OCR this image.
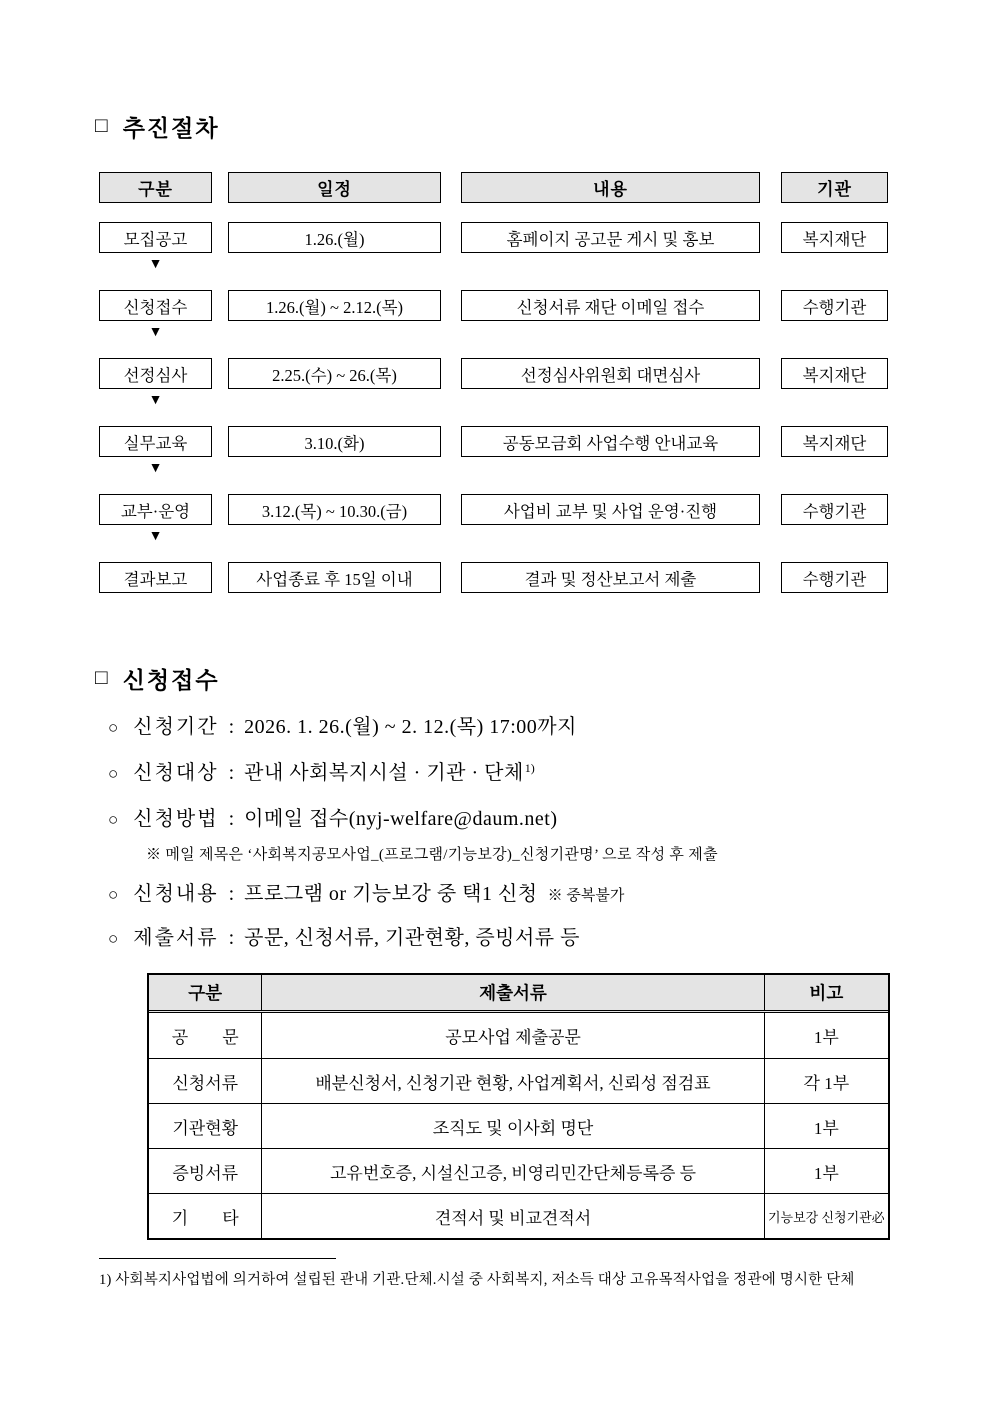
□ 추진절차
구분	일정	내용	기관
모집공고	1.26.(월)	홈페이지 공고문 게시 및 홍보	복지재단
▼
신청접수	1.26.(월) ~ 2.12.(목)	신청서류 재단 이메일 접수	수행기관
▼
선정심사	2.25.(수) ~ 26.(목)	선정심사위원회 대면심사	복지재단
▼
실무교육	3.10.(화)	공동모금회 사업수행 안내교육	복지재단
▼
교부·운영	3.12.(목) ~ 10.30.(금)	사업비 교부 및 사업 운영·진행	수행기관
▼
결과보고	사업종료 후 15일 이내	결과 및 정산보고서 제출	수행기관
□ 신청접수
○ 신청기간 : 2026. 1. 26.(월) ~ 2. 12.(목) 17:00까지
○ 신청대상 : 관내 사회복지시설 · 기관 · 단체$^{1)}$
○ 신청방법 : 이메일 접수(nyj-welfare@daum.net)
※ 메일 제목은 ‘사회복지공모사업_(프로그램/기능보강)_신청기관명’ 으로 작성 후 제출
○ 신청내용 : 프로그램 or 기능보강 중 택1 신청 ※ 중복불가
○ 제출서류 : 공문, 신청서류, 기관현황, 증빙서류 등
구분	제출서류	비고
공        문	공모사업 제출공문	1부
신청서류	배분신청서, 신청기관 현황, 사업계획서, 신뢰성 점검표	각 1부
기관현황	조직도 및 이사회 명단	1부
증빙서류	고유번호증, 시설신고증, 비영리민간단체등록증 등	1부
기        타	견적서 및 비교견적서	기능보강 신청기관必
1) 사회복지사업법에 의거하여 설립된 관내 기관.단체.시설 중 사회복지, 저소득 대상 고유목적사업을 정관에 명시한 단체
